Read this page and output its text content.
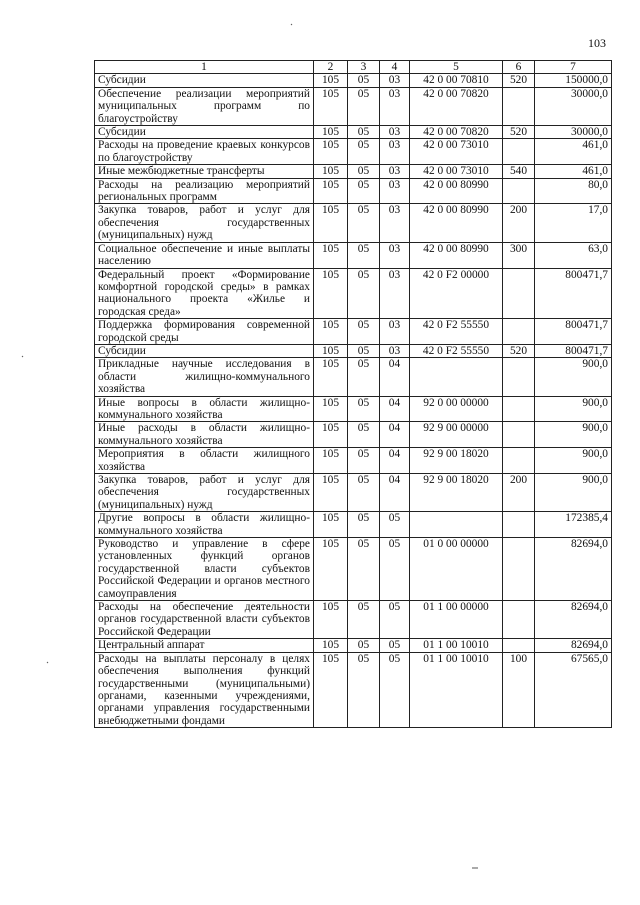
103
1	2	3	4	5	6	7
Субсидии	105	05	03	42 0 00 70810	520	150000,0
Обеспечение реализации мероприятий муниципальных программ по благоустройству	105	05	03	42 0 00 70820		30000,0
Субсидии	105	05	03	42 0 00 70820	520	30000,0
Расходы на проведение краевых конкурсов по благоустройству	105	05	03	42 0 00 73010		461,0
Иные межбюджетные трансферты	105	05	03	42 0 00 73010	540	461,0
Расходы на реализацию мероприятий региональных программ	105	05	03	42 0 00 80990		80,0
Закупка товаров, работ и услуг для обеспечения государственных (муниципальных) нужд	105	05	03	42 0 00 80990	200	17,0
Социальное обеспечение и иные выплаты населению	105	05	03	42 0 00 80990	300	63,0
Федеральный проект «Формирование комфортной городской среды» в рамках национального проекта «Жилье и городская среда»	105	05	03	42 0 F2 00000		800471,7
Поддержка формирования современной городской среды	105	05	03	42 0 F2 55550		800471,7
Субсидии	105	05	03	42 0 F2 55550	520	800471,7
Прикладные научные исследования в области жилищно-коммунального хозяйства	105	05	04			900,0
Иные вопросы в области жилищно-коммунального хозяйства	105	05	04	92 0 00 00000		900,0
Иные расходы в области жилищно-коммунального хозяйства	105	05	04	92 9 00 00000		900,0
Мероприятия в области жилищного хозяйства	105	05	04	92 9 00 18020		900,0
Закупка товаров, работ и услуг для обеспечения государственных (муниципальных) нужд	105	05	04	92 9 00 18020	200	900,0
Другие вопросы в области жилищно-коммунального хозяйства	105	05	05			172385,4
Руководство и управление в сфере установленных функций органов государственной власти субъектов Российской Федерации и органов местного самоуправления	105	05	05	01 0 00 00000		82694,0
Расходы на обеспечение деятельности органов государственной власти субъектов Российской Федерации	105	05	05	01 1 00 00000		82694,0
Центральный аппарат	105	05	05	01 1 00 10010		82694,0
Расходы на выплаты персоналу в целях обеспечения выполнения функций государственными (муниципальными) органами, казенными учреждениями, органами управления государственными внебюджетными фондами	105	05	05	01 1 00 10010	100	67565,0
